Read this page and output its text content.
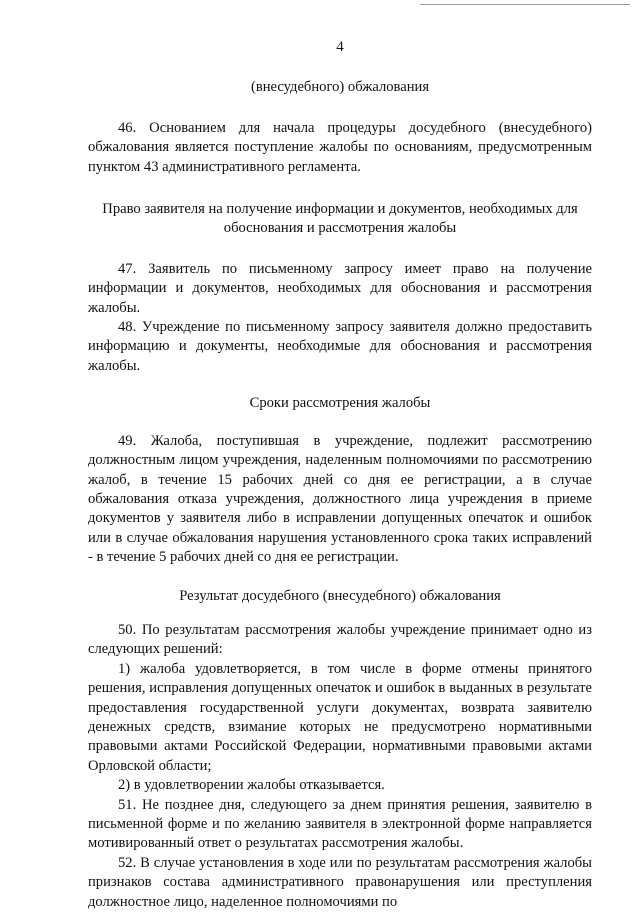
4

(внесудебного) обжалования

46. Основанием для начала процедуры досудебного (внесудебного) обжалования является поступление жалобы по основаниям, предусмотренным пунктом 43 административного регламента.

Право заявителя на получение информации и документов, необходимых для обоснования и рассмотрения жалобы

47. Заявитель по письменному запросу имеет право на получение информации и документов, необходимых для обоснования и рассмотрения жалобы.

48. Учреждение по письменному запросу заявителя должно предоставить информацию и документы, необходимые для обоснования и рассмотрения жалобы.

Сроки рассмотрения жалобы

49. Жалоба, поступившая в учреждение, подлежит рассмотрению должностным лицом учреждения, наделенным полномочиями по рассмотрению жалоб, в течение 15 рабочих дней со дня ее регистрации, а в случае обжалования отказа учреждения, должностного лица учреждения в приеме документов у заявителя либо в исправлении допущенных опечаток и ошибок или в случае обжалования нарушения установленного срока таких исправлений - в течение 5 рабочих дней со дня ее регистрации.

Результат досудебного (внесудебного) обжалования

50. По результатам рассмотрения жалобы учреждение принимает одно из следующих решений:

1) жалоба удовлетворяется, в том числе в форме отмены принятого решения, исправления допущенных опечаток и ошибок в выданных в результате предоставления государственной услуги документах, возврата заявителю денежных средств, взимание которых не предусмотрено нормативными правовыми актами Российской Федерации, нормативными правовыми актами Орловской области;

2) в удовлетворении жалобы отказывается.

51. Не позднее дня, следующего за днем принятия решения, заявителю в письменной форме и по желанию заявителя в электронной форме направляется мотивированный ответ о результатах рассмотрения жалобы.

52. В случае установления в ходе или по результатам рассмотрения жалобы признаков состава административного правонарушения или преступления должностное лицо, наделенное полномочиями по
